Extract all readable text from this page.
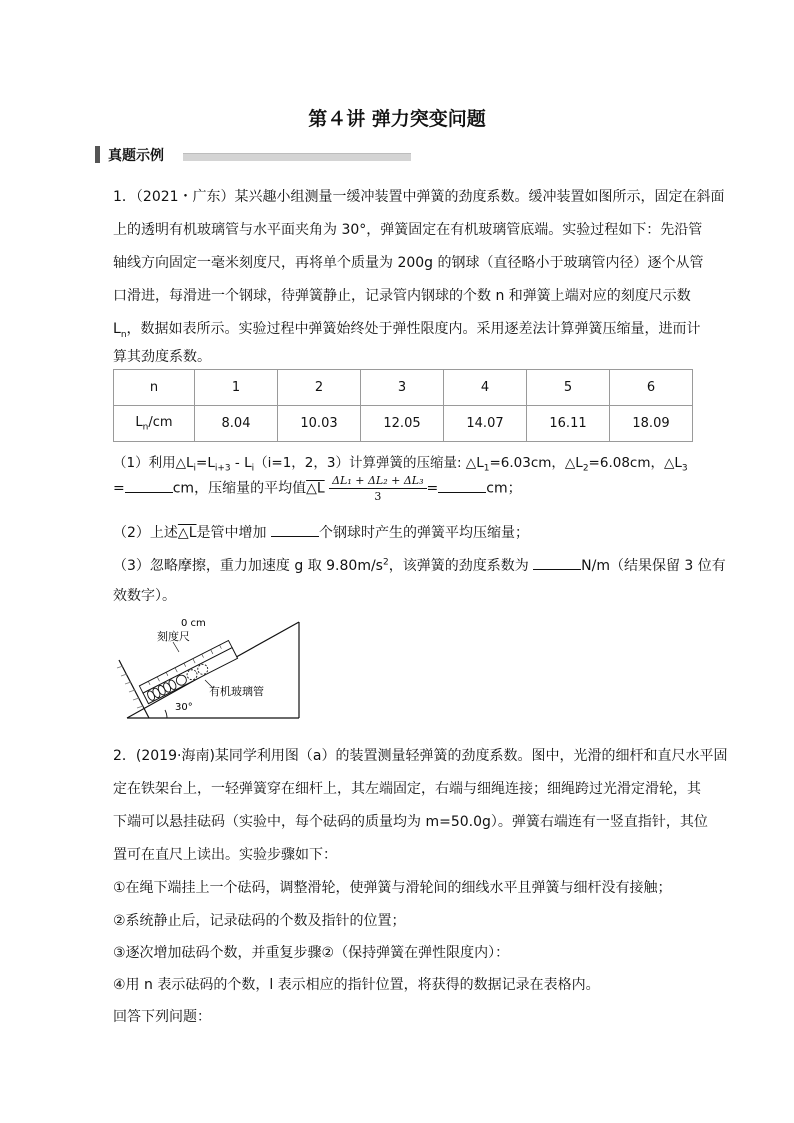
第４讲 弹力突变问题
真题示例
1．（2021・广东）某兴趣小组测量一缓冲装置中弹簧的劲度系数。缓冲装置如图所示，固定在斜面
上的透明有机玻璃管与水平面夹角为 30°，弹簧固定在有机玻璃管底端。实验过程如下：先沿管
轴线方向固定一毫米刻度尺，再将单个质量为 200g 的钢球（直径略小于玻璃管内径）逐个从管
口滑进，每滑进一个钢球，待弹簧静止，记录管内钢球的个数 n 和弹簧上端对应的刻度尺示数
$L_n$，数据如表所示。实验过程中弹簧始终处于弹性限度内。采用逐差法计算弹簧压缩量，进而计
算其劲度系数。
n	1	2	3	4	5	6
$L_n/cm$	8.04	10.03	12.05	14.07	16.11	18.09
（1）利用$\triangle L_i=L_{i+3} - L_i(i=1$，2，3）计算弹簧的压缩量: $\triangle L_1=6.03cm$，$\triangle L_2=6.08cm$，$\triangle L_3$
=	cm，压缩量的平均值△L $\frac{\text{ΔL₁ + ΔL₂ + ΔL₃}}{3}$ =	cm；
（2）上述△L是管中增加	个钢球时产生的弹簧平均压缩量；
（3）忽略摩擦，重力加速度 g 取 $9.80m/s^2$，该弹簧的劲度系数为	N/m（结果保留 3 位有
效数字）。
0 cm
刻度尺
有机玻璃管
30°
2．(2019·海南)某同学利用图（a）的装置测量轻弹簧的劲度系数。图中，光滑的细杆和直尺水平固
定在铁架台上，一轻弹簧穿在细杆上，其左端固定，右端与细绳连接；细绳跨过光滑定滑轮，其
下端可以悬挂砝码（实验中，每个砝码的质量均为 m=50.0g）。弹簧右端连有一竖直指针，其位
置可在直尺上读出。实验步骤如下：
①在绳下端挂上一个砝码，调整滑轮，使弹簧与滑轮间的细线水平且弹簧与细杆没有接触；
②系统静止后，记录砝码的个数及指针的位置；
③逐次增加砝码个数，并重复步骤②（保持弹簧在弹性限度内）：
④用 n 表示砝码的个数，l 表示相应的指针位置，将获得的数据记录在表格内。
回答下列问题：
